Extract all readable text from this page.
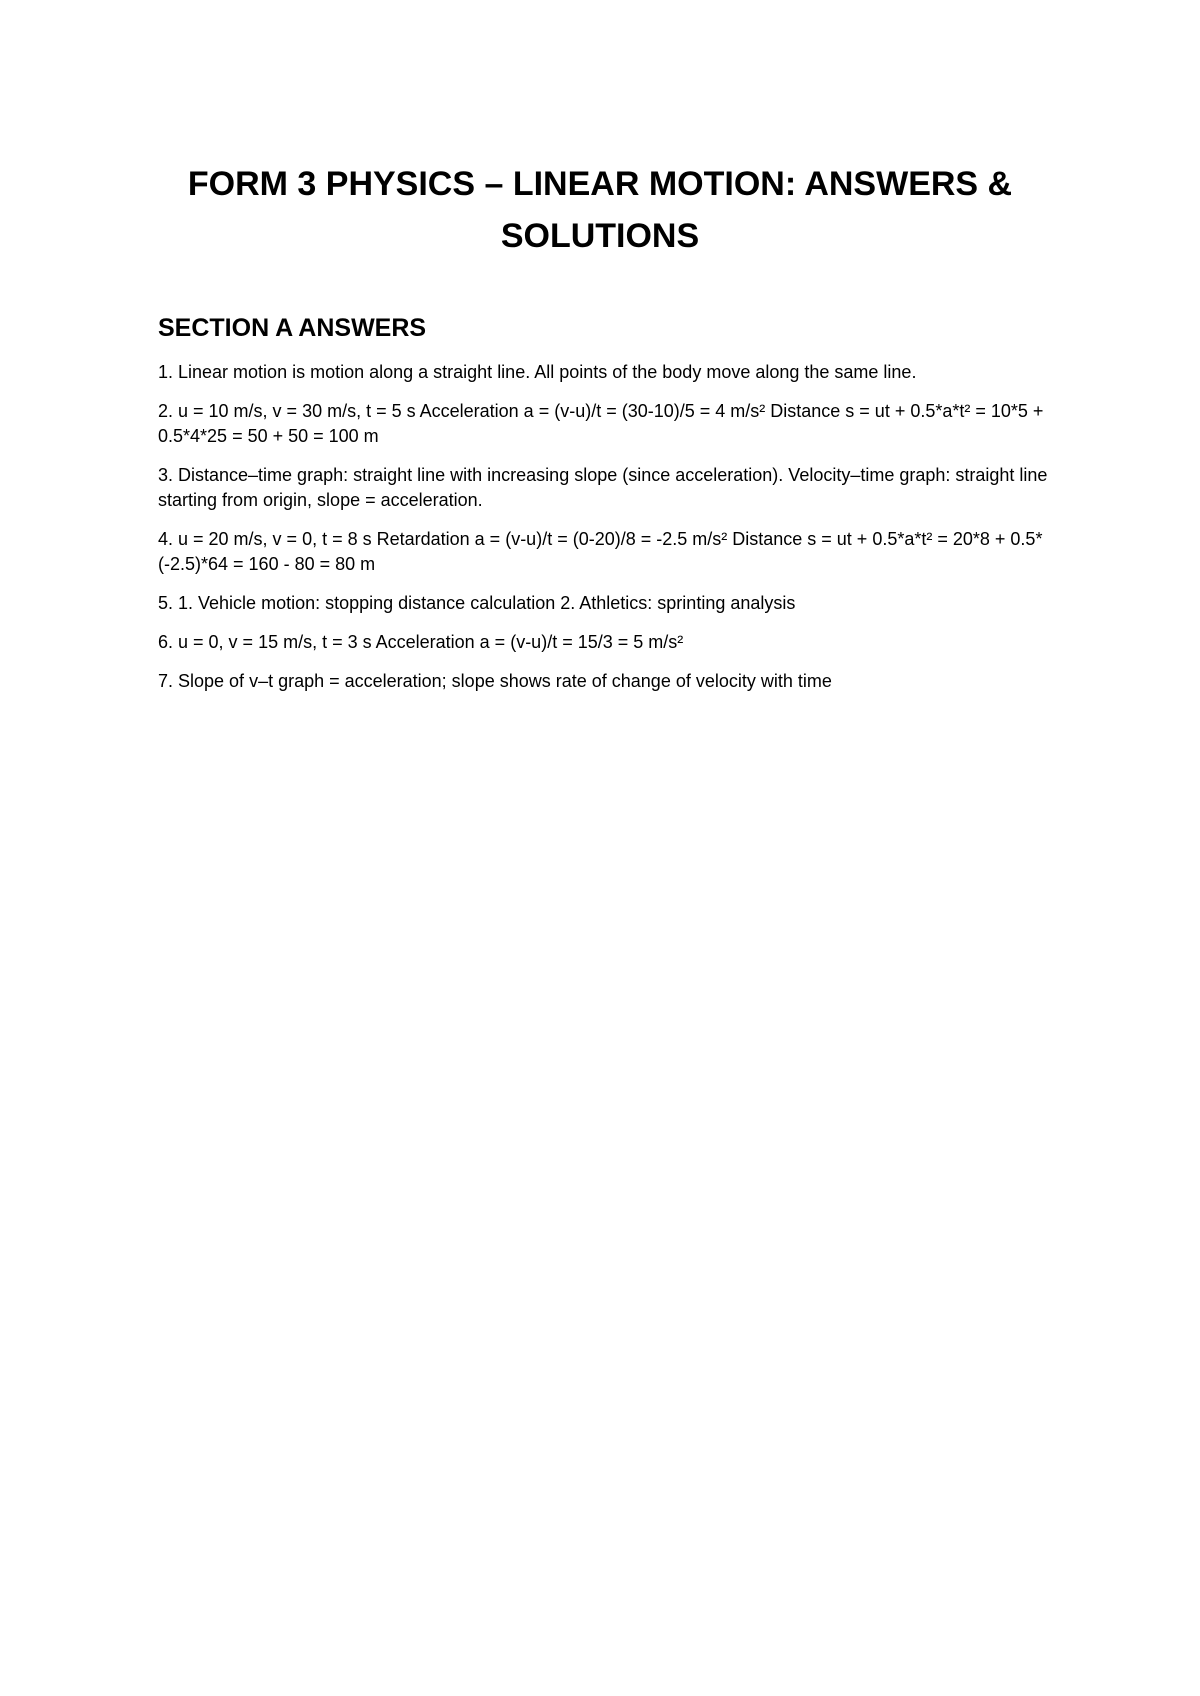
FORM 3 PHYSICS – LINEAR MOTION: ANSWERS & SOLUTIONS
SECTION A ANSWERS
1. Linear motion is motion along a straight line. All points of the body move along the same line.
2. u = 10 m/s, v = 30 m/s, t = 5 s Acceleration a = (v-u)/t = (30-10)/5 = 4 m/s² Distance s = ut + 0.5*a*t² = 10*5 + 0.5*4*25 = 50 + 50 = 100 m
3. Distance–time graph: straight line with increasing slope (since acceleration). Velocity–time graph: straight line starting from origin, slope = acceleration.
4. u = 20 m/s, v = 0, t = 8 s Retardation a = (v-u)/t = (0-20)/8 = -2.5 m/s² Distance s = ut + 0.5*a*t² = 20*8 + 0.5*(-2.5)*64 = 160 - 80 = 80 m
5. 1. Vehicle motion: stopping distance calculation 2. Athletics: sprinting analysis
6. u = 0, v = 15 m/s, t = 3 s Acceleration a = (v-u)/t = 15/3 = 5 m/s²
7. Slope of v–t graph = acceleration; slope shows rate of change of velocity with time
